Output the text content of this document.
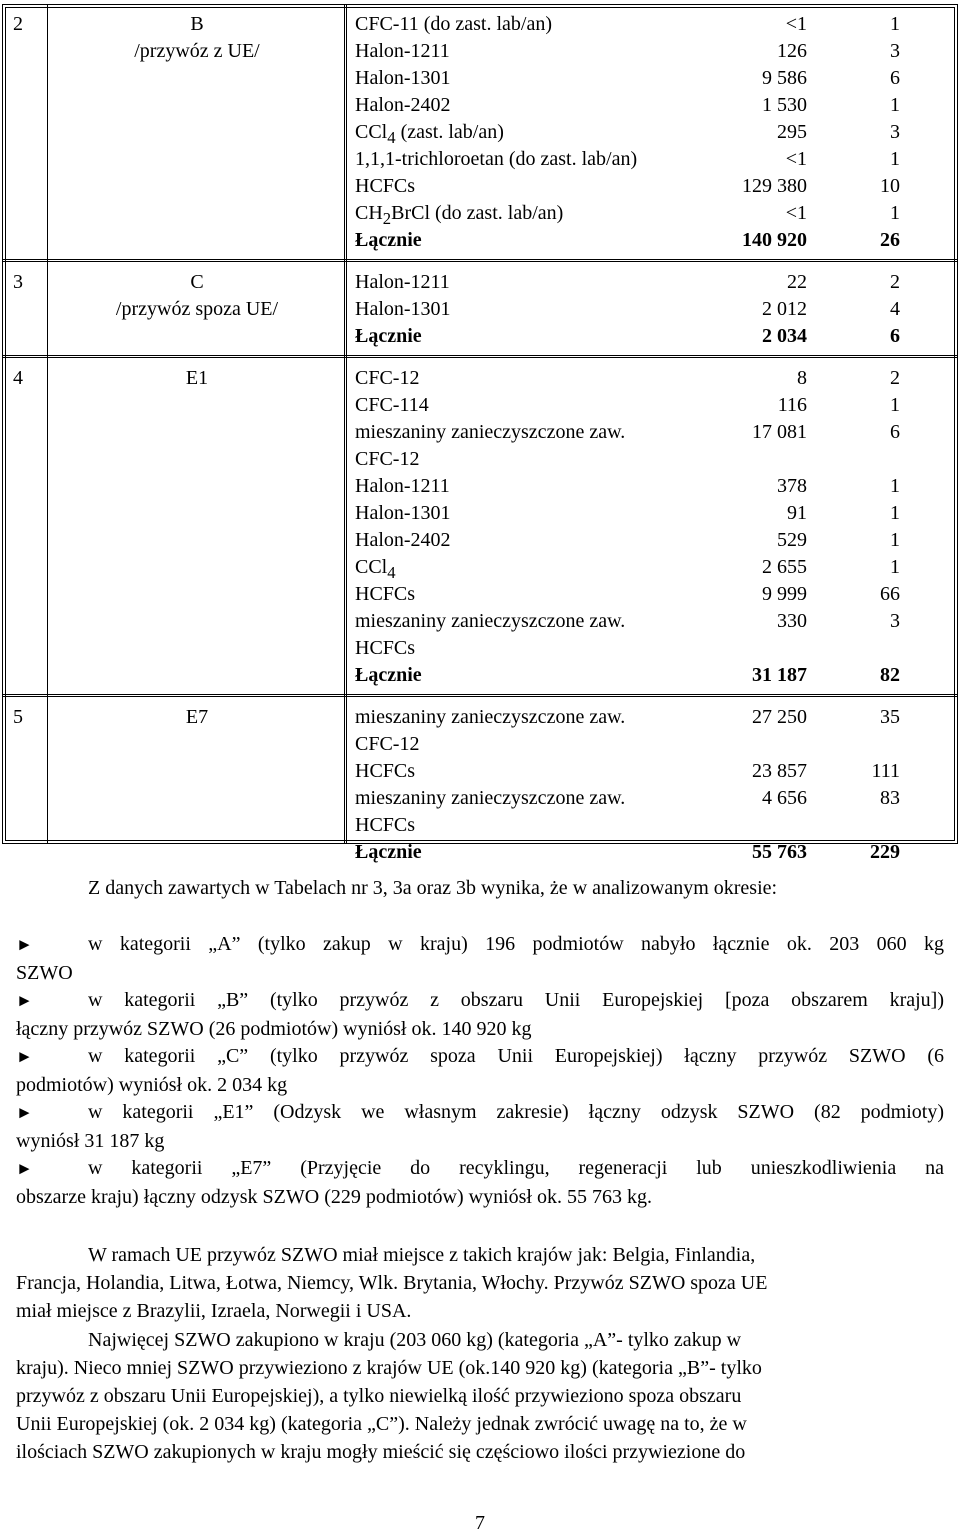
2	B
/przywóz z UE/
CFC-11 (do zast. lab/an)	<1	1
Halon-1211	126	3
Halon-1301	9 586	6
Halon-2402	1 530	1
CCl$_4$ (zast. lab/an)	295	3
1,1,1-trichloroetan (do zast. lab/an)	<1	1
HCFCs	129 380	10
$CH_2BrCl$ (do zast. lab/an)	<1	1
Łącznie	140 920	26
3	C
/przywóz spoza UE/
Halon-1211	22	2
Halon-1301	2 012	4
Łącznie	2 034	6
4	E1	CFC-12	8	2
CFC-114	116	1
mieszaniny zanieczyszczone zaw.	17 081	6
CFC-12
Halon-1211	378	1
Halon-1301	91	1
Halon-2402	529	1
CCl$_4$	2 655	1
HCFCs	9 999	66
mieszaniny zanieczyszczone zaw.	330	3
HCFCs
Łącznie	31 187	82
5	E7	mieszaniny zanieczyszczone zaw.	27 250	35
CFC-12
HCFCs	23 857	111
mieszaniny zanieczyszczone zaw.	4 656	83
HCFCs
Łącznie	55 763	229
Z danych zawartych w Tabelach nr 3, 3a oraz 3b wynika, że w analizowanym okresie:
►	w kategorii „A” (tylko zakup w kraju) 196 podmiotów nabyło łącznie ok. 203 060 kg
SZWO
►	w kategorii „B” (tylko przywóz z obszaru Unii Europejskiej [poza obszarem kraju])
łączny przywóz SZWO (26 podmiotów) wyniósł ok. 140 920 kg
►	w kategorii „C” (tylko przywóz spoza Unii Europejskiej) łączny przywóz SZWO (6
podmiotów) wyniósł ok. 2 034 kg
►	w kategorii „E1” (Odzysk we własnym zakresie) łączny odzysk SZWO (82 podmioty)
wyniósł 31 187 kg
►	w kategorii „E7” (Przyjęcie do recyklingu, regeneracji lub unieszkodliwienia na
obszarze kraju) łączny odzysk SZWO (229 podmiotów) wyniósł ok. 55 763 kg.
W ramach UE przywóz SZWO miał miejsce z takich krajów jak: Belgia, Finlandia,
Francja, Holandia, Litwa, Łotwa, Niemcy, Wlk. Brytania, Włochy. Przywóz SZWO spoza UE
miał miejsce z Brazylii, Izraela, Norwegii i USA.
Najwięcej SZWO zakupiono w kraju (203 060 kg) (kategoria „A”- tylko zakup w
kraju). Nieco mniej SZWO przywieziono z krajów UE (ok.140 920 kg) (kategoria „B”- tylko
przywóz z obszaru Unii Europejskiej), a tylko niewielką ilość przywieziono spoza obszaru
Unii Europejskiej (ok. 2 034 kg) (kategoria „C”). Należy jednak zwrócić uwagę na to, że w
ilościach SZWO zakupionych w kraju mogły mieścić się częściowo ilości przywiezione do
7
